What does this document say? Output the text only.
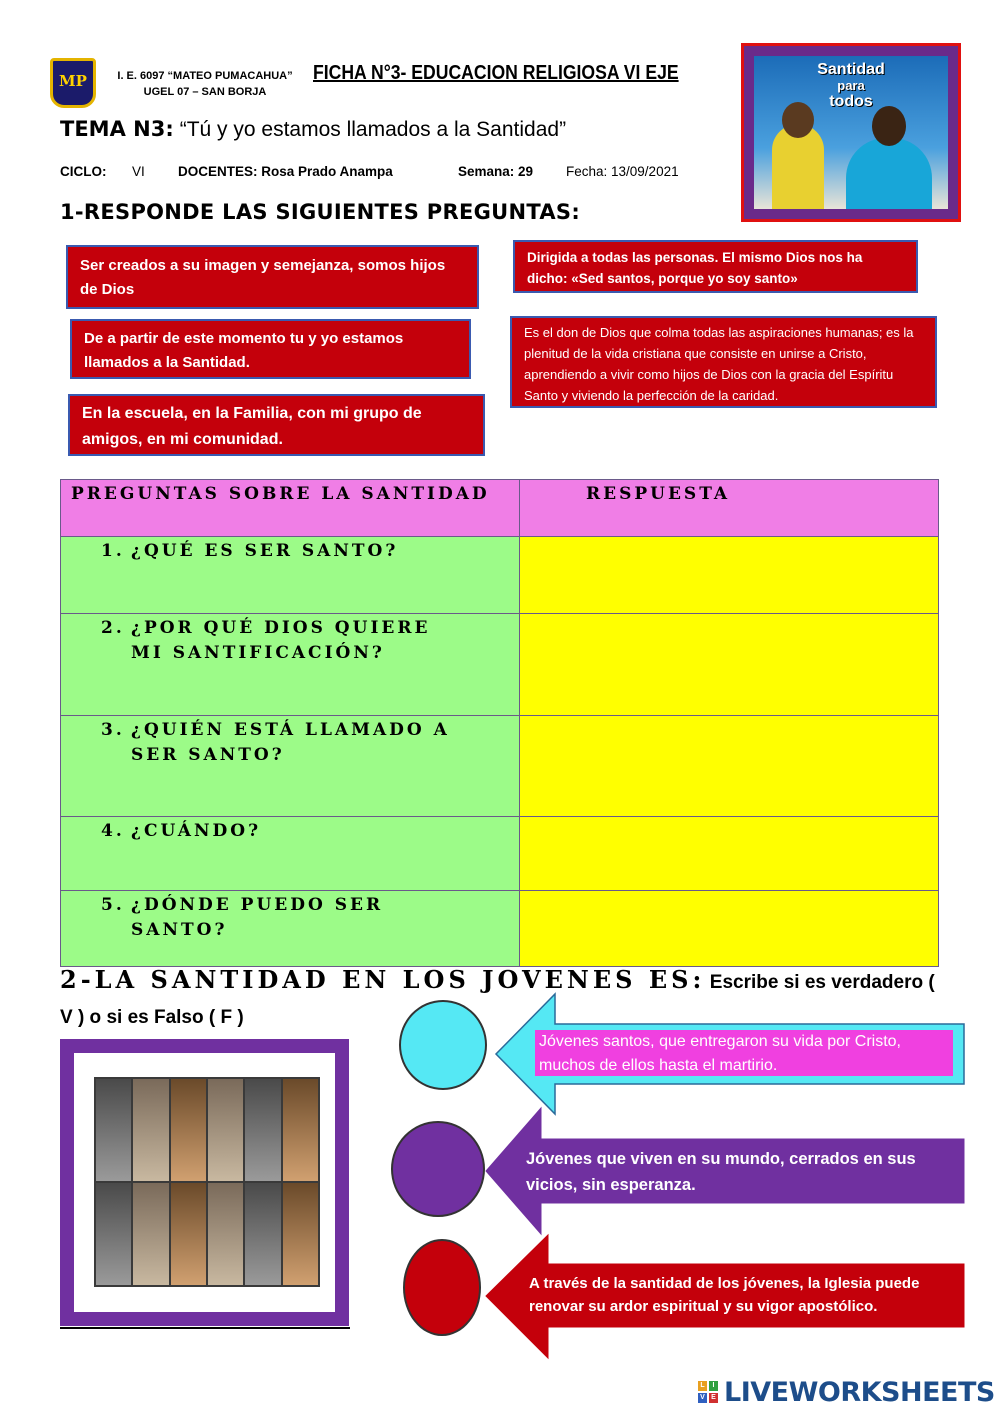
MP	I. E. 6097 “MATEO PUMACAHUA”
UGEL 07 – SAN BORJA
FICHA N°3- EDUCACION RELIGIOSA VI EJE
TEMA N3: “Tú y yo estamos llamados a la Santidad”
CICLO: VI DOCENTES: Rosa Prado Anampa	Semana: 29 Fecha: 13/09/2021
Santidad
para
todos
1-RESPONDE LAS SIGUIENTES PREGUNTAS:
Ser creados a su imagen y semejanza, somos hijos de Dios
De a partir de este momento tu y yo estamos llamados a la Santidad.
En la escuela, en la Familia, con mi grupo de amigos, en mi comunidad.
Dirigida a todas las personas. El mismo Dios nos ha dicho: «Sed santos, porque yo soy santo»
Es el don de Dios que colma todas las aspiraciones humanas; es la plenitud de la vida cristiana que consiste en unirse a Cristo, aprendiendo a vivir como hijos de Dios con la gracia del Espíritu Santo y viviendo la perfección de la caridad.
PREGUNTAS SOBRE LA SANTIDAD	RESPUESTA
1. ¿QUÉ ES SER SANTO?	
2. ¿POR QUÉ DIOS QUIERE MI SANTIFICACIÓN?	
3. ¿QUIÉN ESTÁ LLAMADO A SER SANTO?	
4. ¿CUÁNDO?	
5. ¿DÓNDE PUEDO SER SANTO?	
2-LA SANTIDAD EN LOS JOVENES ES: Escribe si es verdadero ( V ) o si es Falso ( F )
Jóvenes santos, que entregaron su vida por Cristo, muchos de ellos hasta el martirio.
Jóvenes que viven en su mundo, cerrados en sus vicios, sin esperanza.
A través de la santidad de los jóvenes, la Iglesia puede renovar su ardor espiritual y su vigor apostólico.
L	I
V E LIVEWORKSHEETS
